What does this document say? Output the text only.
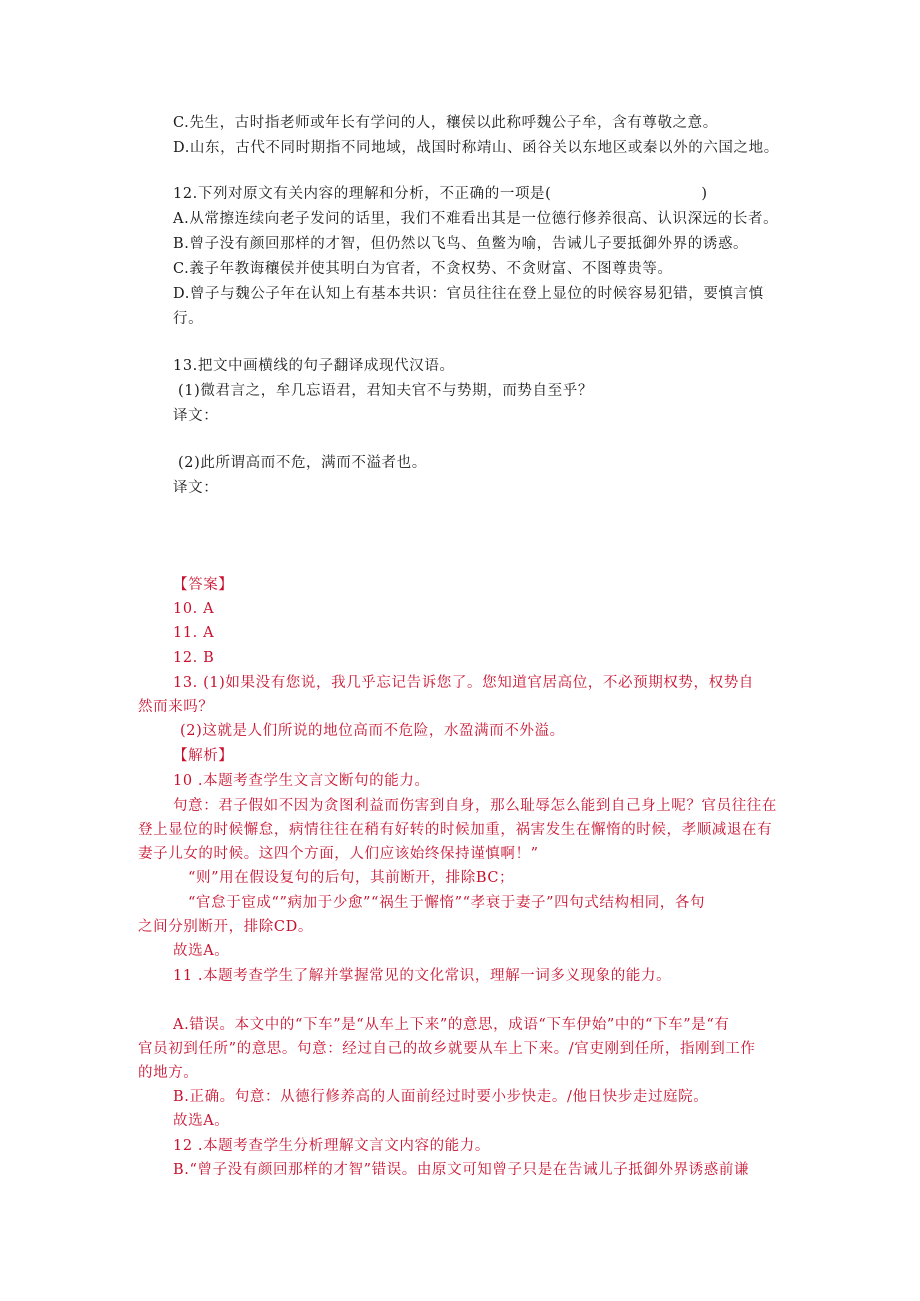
C.先生，古时指老师或年长有学问的人，穰侯以此称呼魏公子牟，含有尊敬之意。
D.山东，古代不同时期指不同地域，战国时称靖山、函谷关以东地区或秦以外的六国之地。
12.下列对原文有关内容的理解和分析，不正确的一项是(	)
A.从常擦连续向老子发问的话里，我们不难看出其是一位德行修养很高、认识深远的长者。
B.曾子没有颜回那样的才智，但仍然以飞鸟、鱼鳖为喻，告诫儿子要抵御外界的诱惑。
C.義子年教诲穰侯并使其明白为官者，不贪权势、不贪财富、不图尊贵等。
D.曾子与魏公子年在认知上有基本共识：官员往往在登上显位的时候容易犯错，要慎言慎
行。
13.把文中画横线的句子翻译成现代汉语。
(1)微君言之，牟几忘语君，君知夫官不与势期，而势自至乎？
译文：
(2)此所谓高而不危，满而不溢者也。
译文：
【答案】
10. A
11. A
12. B
13. (1)如果没有您说，我几乎忘记告诉您了。您知道官居高位，不必预期权势，权势自
然而来吗？
(2)这就是人们所说的地位高而不危险，水盈满而不外溢。
【解析】
10 .本题考查学生文言文断句的能力。
句意：君子假如不因为贪图利益而伤害到自身，那么耻辱怎么能到自己身上呢？官员往往在
登上显位的时候懈怠，病情往往在稍有好转的时候加重，祸害发生在懈惰的时候，孝顺减退在有
妻子儿女的时候。这四个方面，人们应该始终保持谨慎啊！”
“则”用在假设复句的后句，其前断开，排除BC；
“官怠于宦成“”病加于少愈”“祸生于懈惰”“孝衰于妻子”四句式结构相同，各句
之间分别断开，排除CD。
故选A。
11 .本题考查学生了解并掌握常见的文化常识，理解一词多义现象的能力。
A.错误。本文中的“下车”是“从车上下来”的意思，成语“下车伊始”中的“下车”是“有
官员初到任所”的意思。句意：经过自己的故乡就要从车上下来。/官吏刚到任所，指刚到工作
的地方。
B.正确。句意：从德行修养高的人面前经过时要小步快走。/他日快步走过庭院。
故选A。
12 .本题考查学生分析理解文言文内容的能力。
B.“曾子没有颜回那样的才智”错误。由原文可知曾子只是在告诫儿子抵御外界诱惑前谦
